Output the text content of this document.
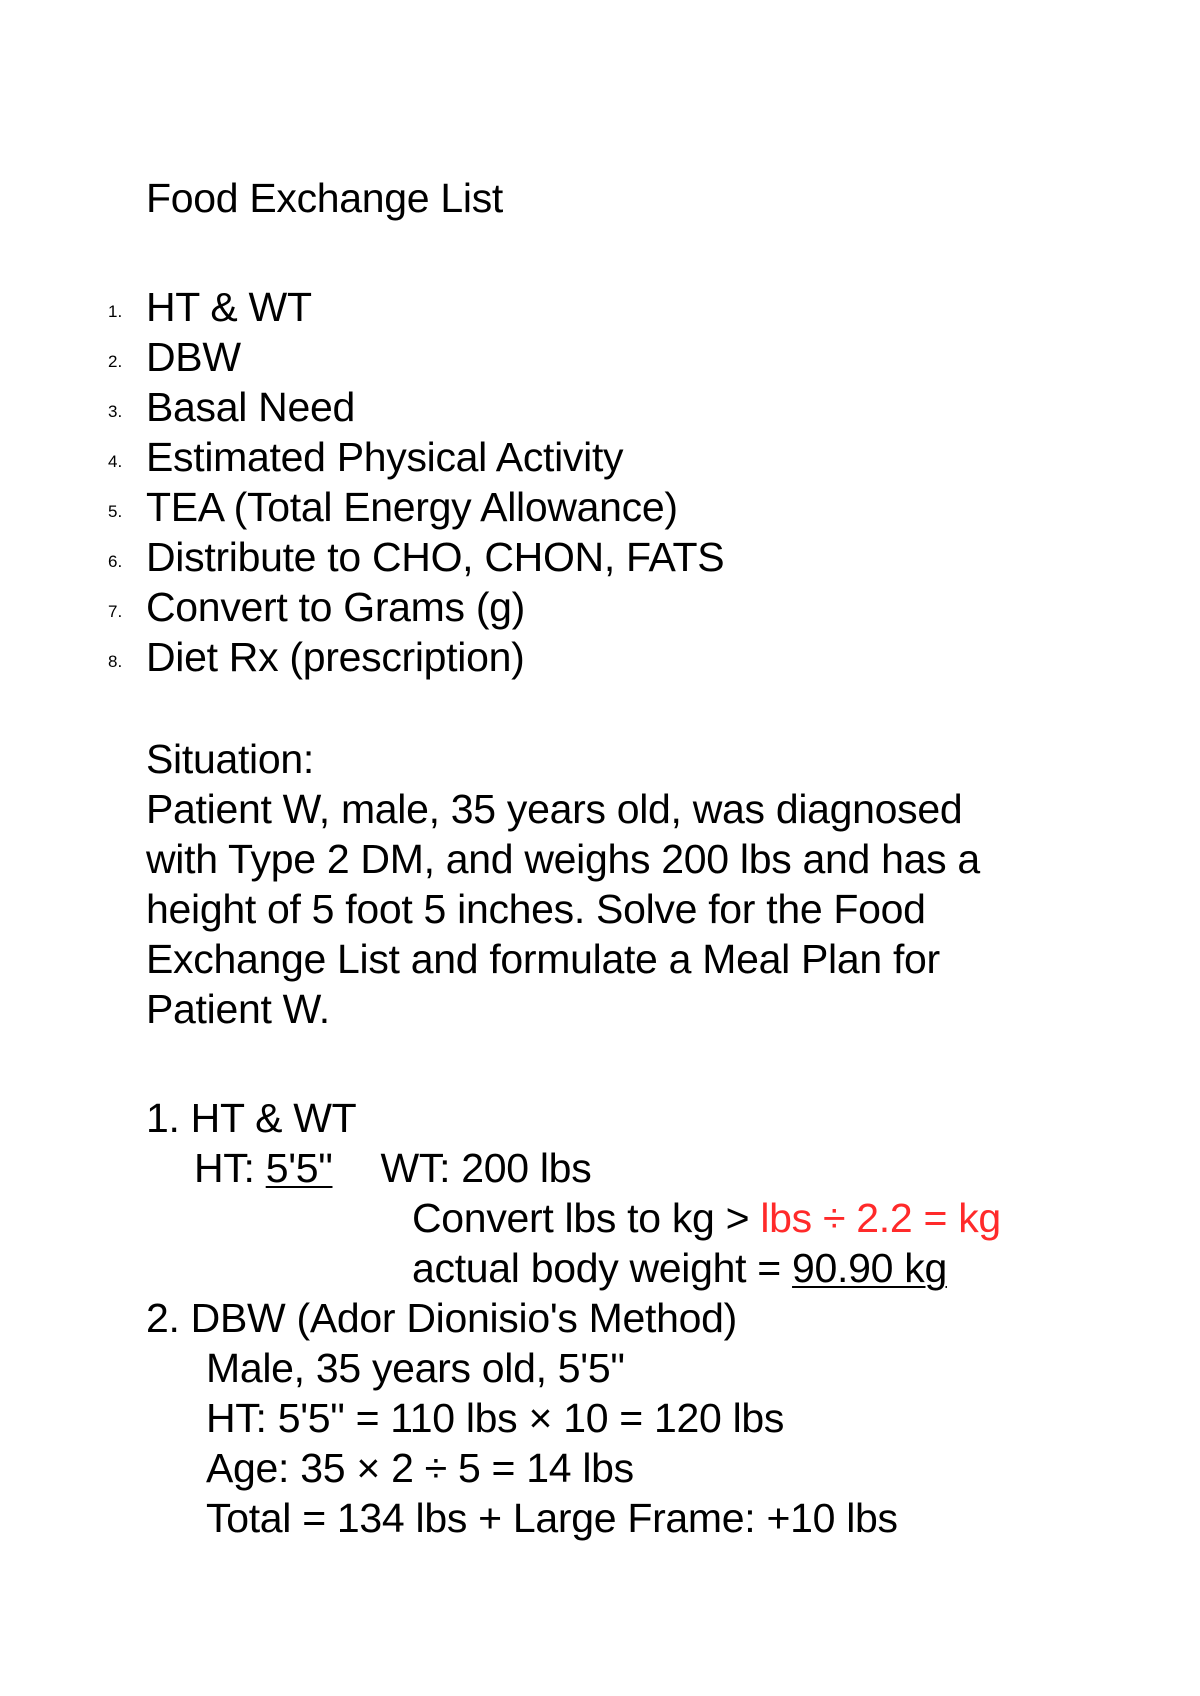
Food Exchange List
1. HT & WT
2. DBW
3. Basal Need
4. Estimated Physical Activity
5. TEA (Total Energy Allowance)
6. Distribute to CHO, CHON, FATS
7. Convert to Grams (g)
8. Diet Rx (prescription)
Situation:
Patient W, male, 35 years old, was diagnosed
with Type 2 DM, and weighs 200 lbs and has a
height of 5 foot 5 inches. Solve for the Food
Exchange List and formulate a Meal Plan for
Patient W.
1. HT & WT
HT: 5'5" WT: 200 lbs
Convert lbs to kg > lbs ÷ 2.2 = kg
actual body weight = 90.90 kg
2. DBW (Ador Dionisio's Method)
Male, 35 years old, 5'5"
HT: 5'5" = 110 lbs × 10 = 120 lbs
Age: 35 × 2 ÷ 5 = 14 lbs
Total = 134 lbs + Large Frame: +10 lbs
